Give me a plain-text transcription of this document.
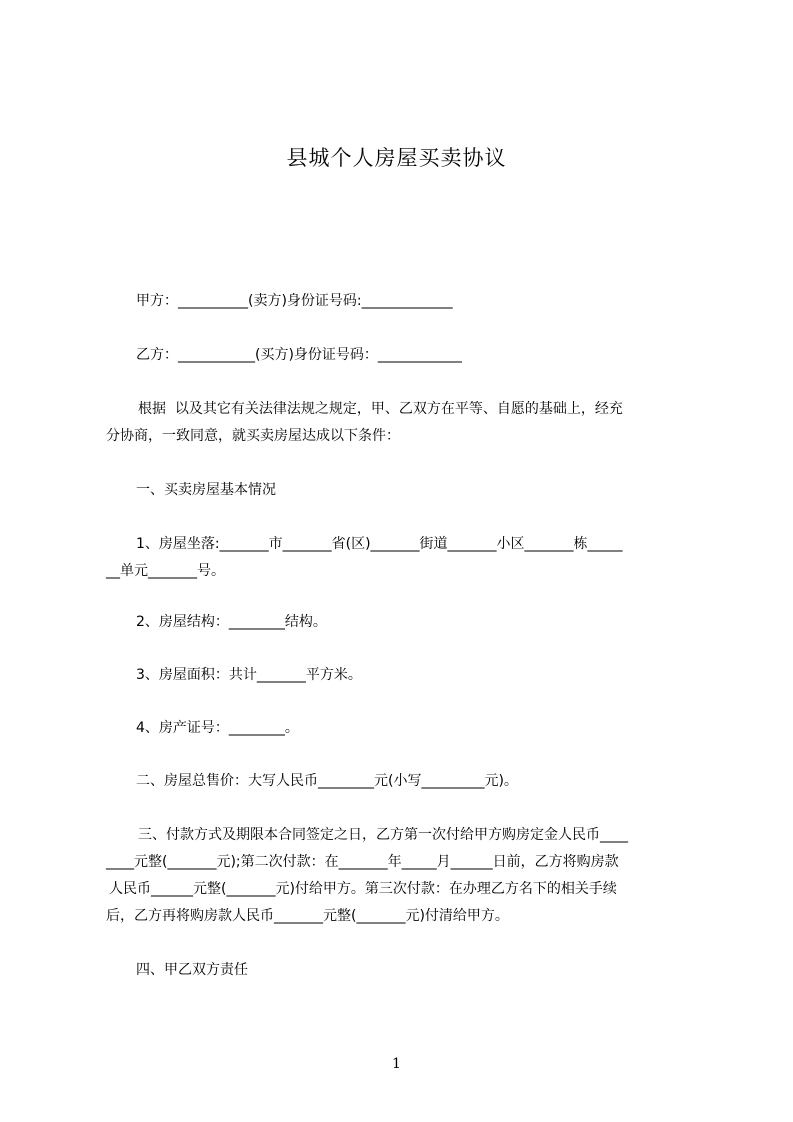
县城个人房屋买卖协议

甲方：__________(卖方)身份证号码:_____________

乙方：___________(买方)身份证号码：____________

根据  以及其它有关法律法规之规定，甲、乙双方在平等、自愿的基础上，经充

分协商，一致同意，就买卖房屋达成以下条件：

一、买卖房屋基本情况

1、房屋坐落:_______市_______省(区)_______街道_______小区_______栋_____

__单元_______号。

2、房屋结构：________结构。

3、房屋面积：共计_______平方米。

4、房产证号：________。

二、房屋总售价：大写人民币________元(小写_________元)。

三、付款方式及期限本合同签定之日，乙方第一次付给甲方购房定金人民币____

____元整(_______元);第二次付款：在_______年_____月______日前，乙方将购房款

人民币______元整(_______元)付给甲方。第三次付款：在办理乙方名下的相关手续

后，乙方再将购房款人民币_______元整(_______元)付清给甲方。

四、甲乙双方责任

1
